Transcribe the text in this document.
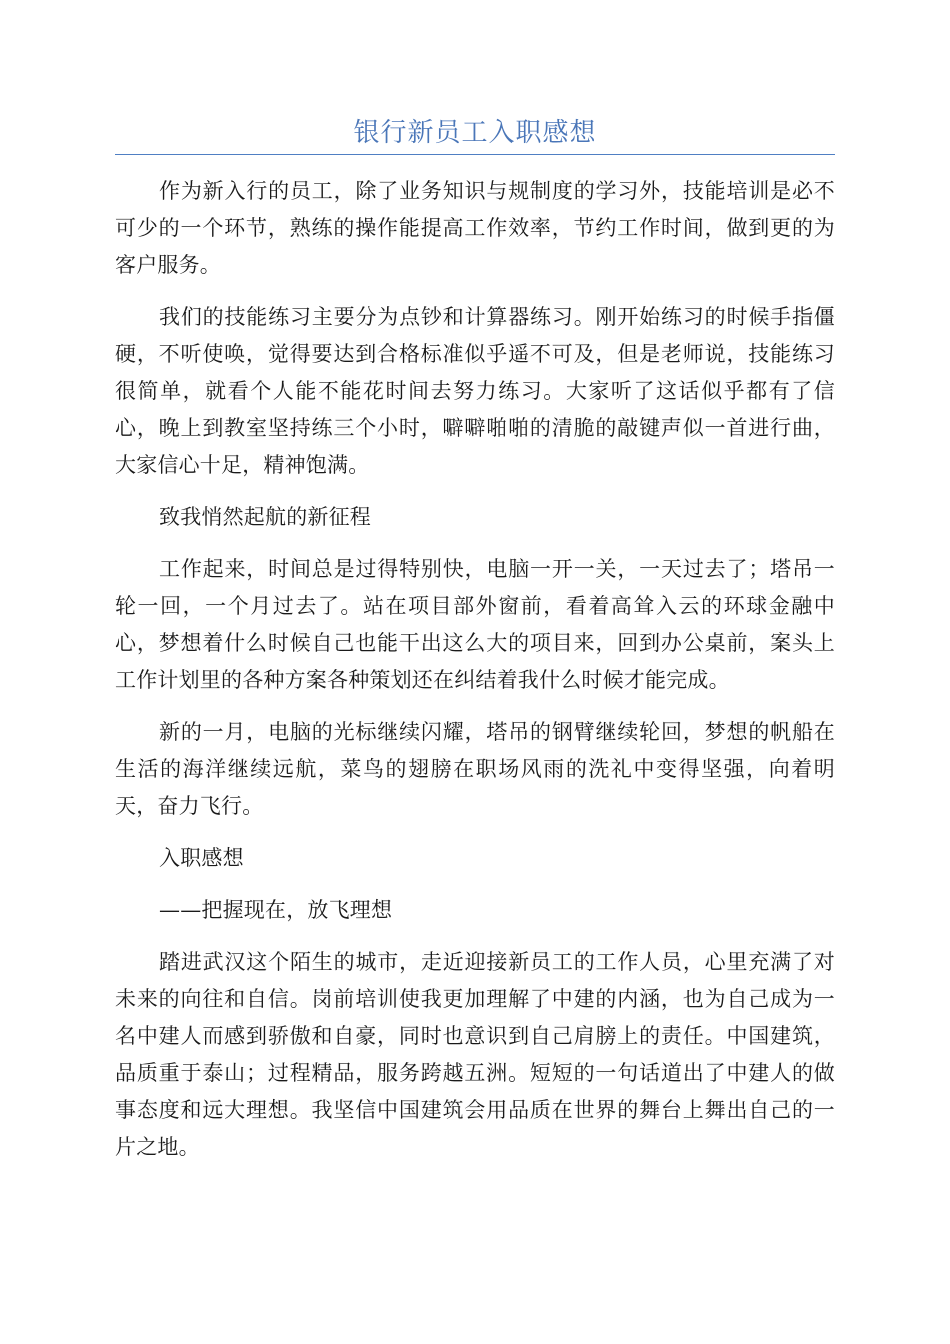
银行新员工入职感想

作为新入行的员工，除了业务知识与规制度的学习外，技能培训是必不可少的一个环节，熟练的操作能提高工作效率，节约工作时间，做到更的为客户服务。

我们的技能练习主要分为点钞和计算器练习。刚开始练习的时候手指僵硬，不听使唤，觉得要达到合格标准似乎遥不可及，但是老师说，技能练习很简单，就看个人能不能花时间去努力练习。大家听了这话似乎都有了信心，晚上到教室坚持练三个小时，噼噼啪啪的清脆的敲键声似一首进行曲，大家信心十足，精神饱满。

致我悄然起航的新征程

工作起来，时间总是过得特别快，电脑一开一关，一天过去了；塔吊一轮一回，一个月过去了。站在项目部外窗前，看着高耸入云的环球金融中心，梦想着什么时候自己也能干出这么大的项目来，回到办公桌前，案头上工作计划里的各种方案各种策划还在纠结着我什么时候才能完成。

新的一月，电脑的光标继续闪耀，塔吊的钢臂继续轮回，梦想的帆船在生活的海洋继续远航，菜鸟的翅膀在职场风雨的洗礼中变得坚强，向着明天，奋力飞行。

入职感想

——把握现在，放飞理想

踏进武汉这个陌生的城市，走近迎接新员工的工作人员，心里充满了对未来的向往和自信。岗前培训使我更加理解了中建的内涵，也为自己成为一名中建人而感到骄傲和自豪，同时也意识到自己肩膀上的责任。中国建筑，品质重于泰山；过程精品，服务跨越五洲。短短的一句话道出了中建人的做事态度和远大理想。我坚信中国建筑会用品质在世界的舞台上舞出自己的一片之地。
